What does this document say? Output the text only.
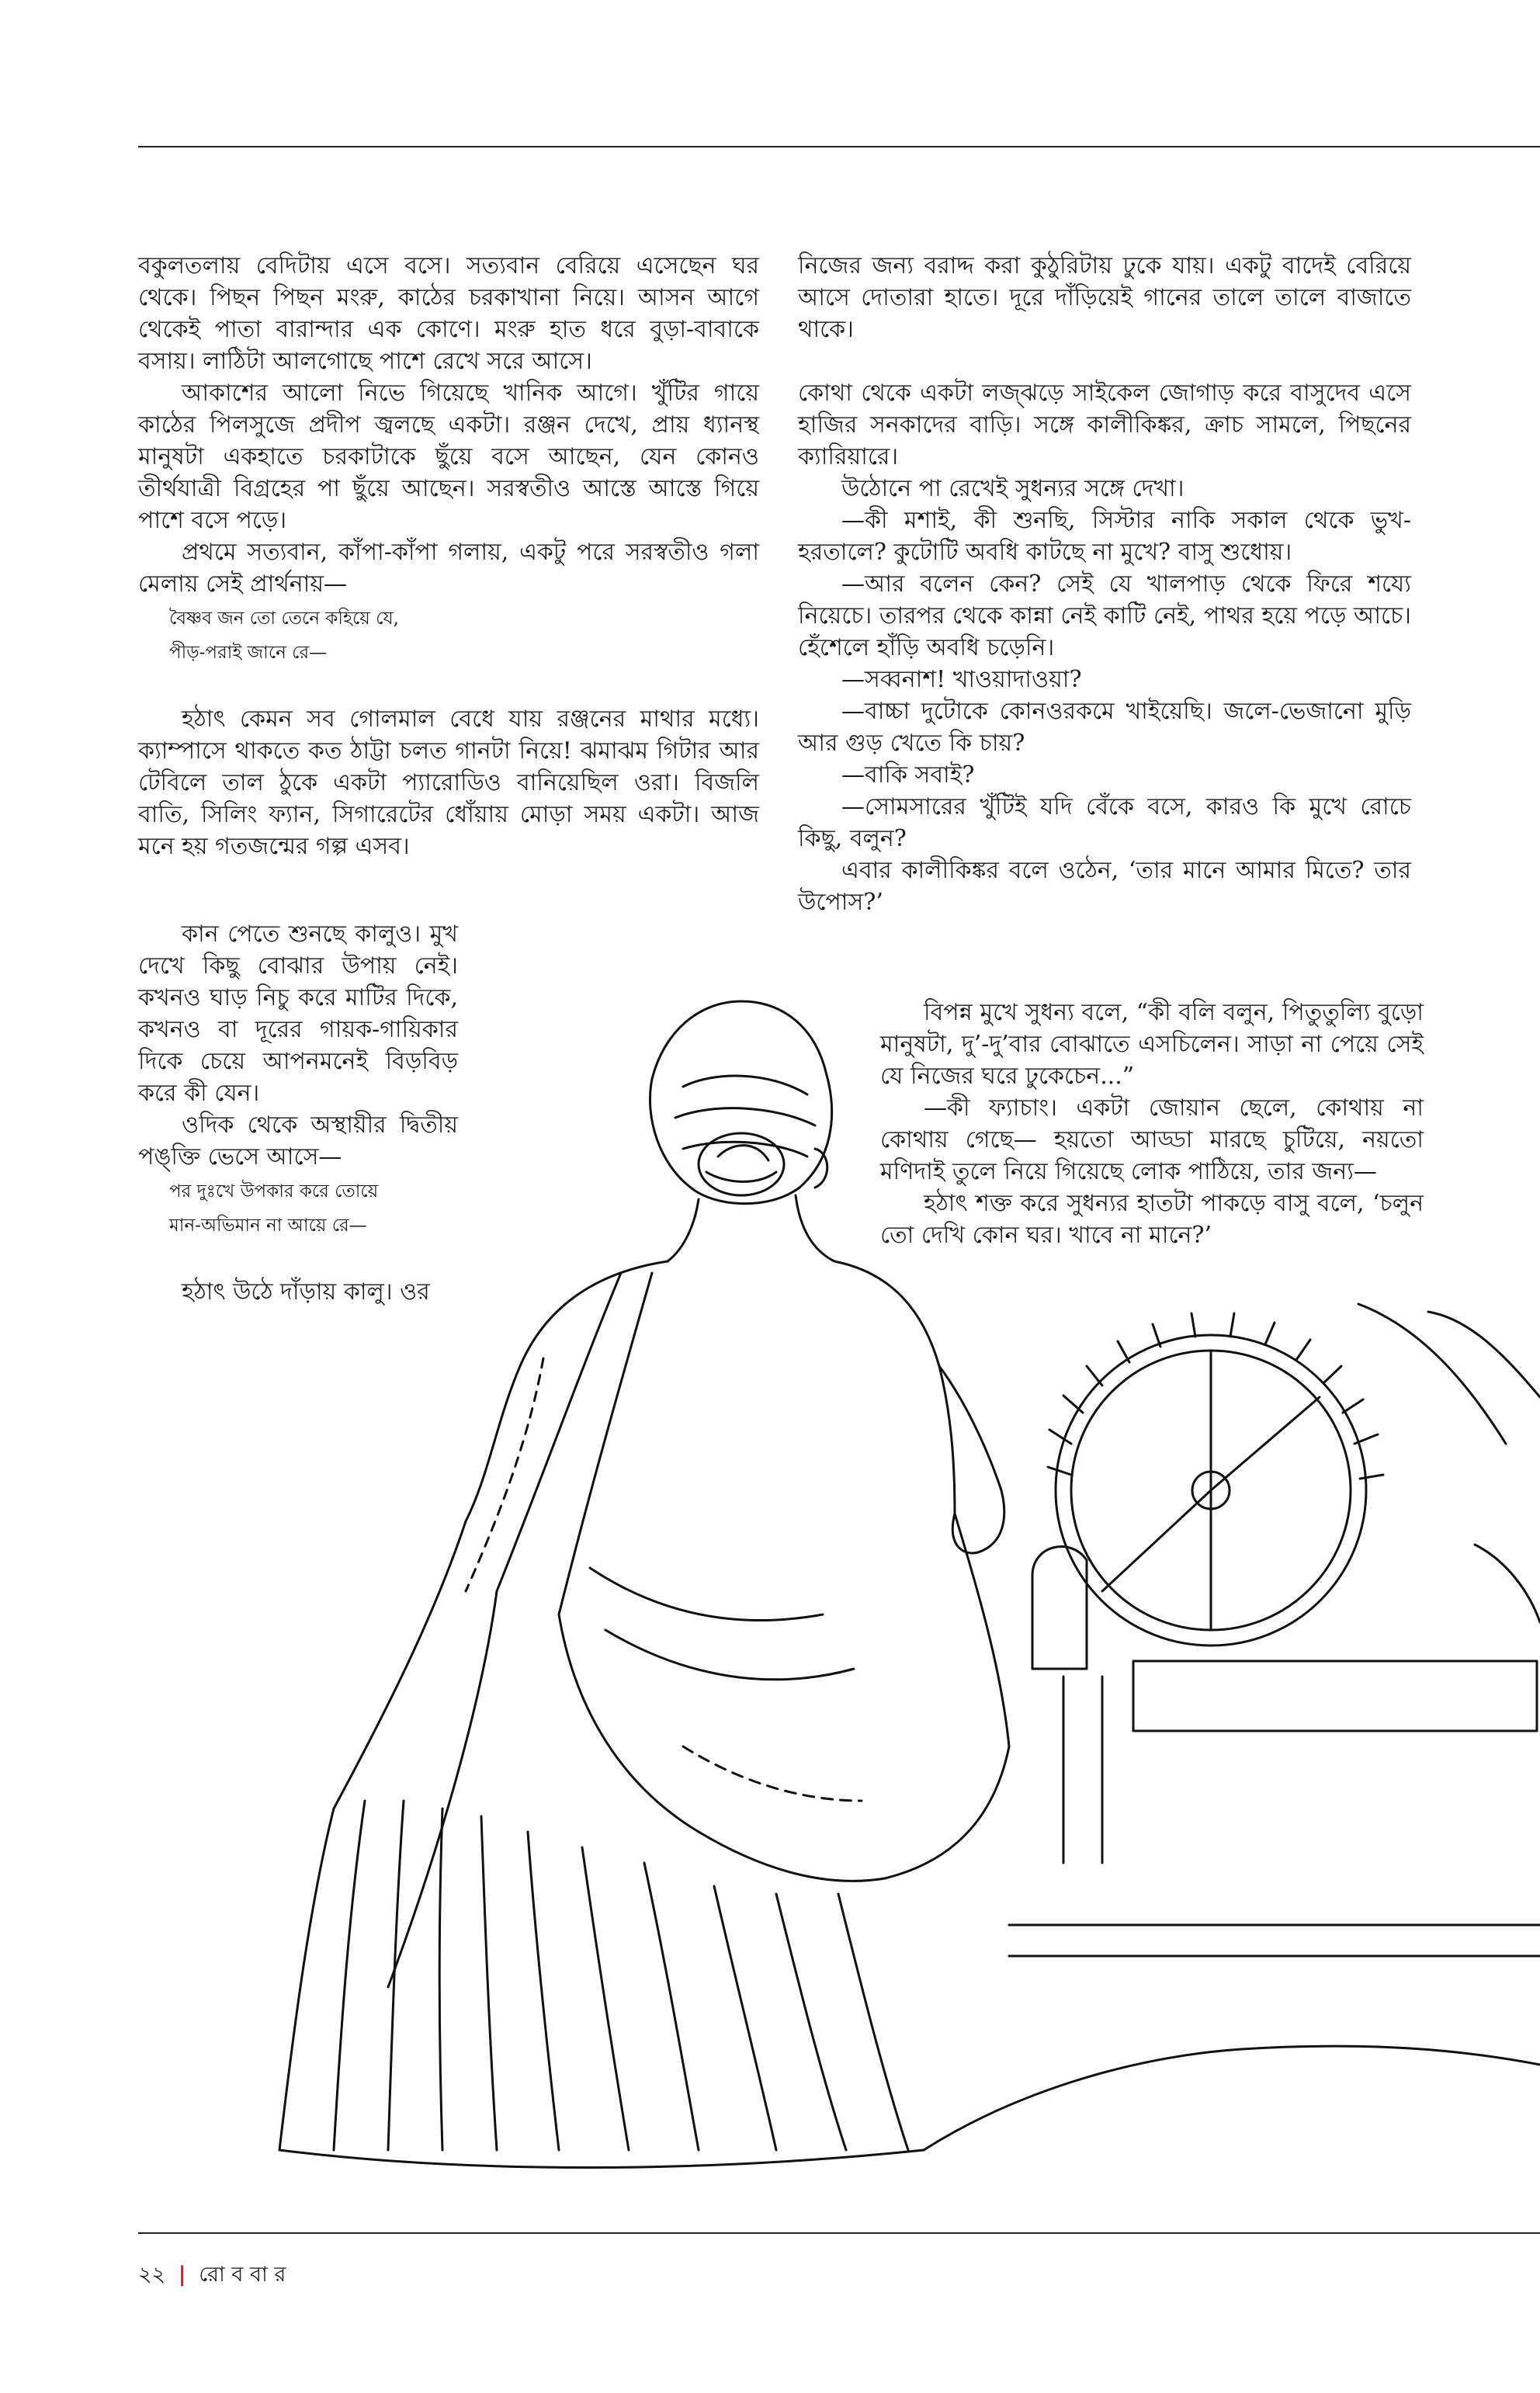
বকুলতলায় বেদিটায় এসে বসে। সত্যবান বেরিয়ে এসেছেন ঘর থেকে। পিছন পিছন মংরু, কাঠের চরকাখানা নিয়ে। আসন আগে থেকেই পাতা বারান্দার এক কোণে। মংরু হাত ধরে বুড়া-বাবাকে বসায়। লাঠিটা আলগোছে পাশে রেখে সরে আসে।

আকাশের আলো নিভে গিয়েছে খানিক আগে। খুঁটির গায়ে কাঠের পিলসুজে প্রদীপ জ্বলছে একটা। রঞ্জন দেখে, প্রায় ধ্যানস্থ মানুষটা একহাতে চরকাটাকে ছুঁয়ে বসে আছেন, যেন কোনও তীর্থযাত্রী বিগ্রহের পা ছুঁয়ে আছেন। সরস্বতীও আস্তে আস্তে গিয়ে পাশে বসে পড়ে।

প্রথমে সত্যবান, কাঁপা-কাঁপা গলায়, একটু পরে সরস্বতীও গলা মেলায় সেই প্রার্থনায়—

বৈষ্ণব জন তো তেনে কহিয়ে যে,
পীড়-পরাই জানে রে—

হঠাৎ কেমন সব গোলমাল বেধে যায় রঞ্জনের মাথার মধ্যে। ক্যাম্পাসে থাকতে কত ঠাট্টা চলত গানটা নিয়ে! ঝমাঝম গিটার আর টেবিলে তাল ঠুকে একটা প্যারোডিও বানিয়েছিল ওরা। বিজলি বাতি, সিলিং ফ্যান, সিগারেটের ধোঁয়ায় মোড়া সময় একটা। আজ মনে হয় গতজন্মের গল্প এসব।

কান পেতে শুনছে কালুও। মুখ দেখে কিছু বোঝার উপায় নেই। কখনও ঘাড় নিচু করে মাটির দিকে, কখনও বা দূরের গায়ক-গায়িকার দিকে চেয়ে আপনমনেই বিড়বিড় করে কী যেন।

ওদিক থেকে অস্থায়ীর দ্বিতীয় পঙ্‌ক্তি ভেসে আসে—

পর দুঃখে উপকার করে তোয়ে
মান-অভিমান না আয়ে রে—

হঠাৎ উঠে দাঁড়ায় কালু। ওর

নিজের জন্য বরাদ্দ করা কুঠুরিটায় ঢুকে যায়। একটু বাদেই বেরিয়ে আসে দোতারা হাতে। দূরে দাঁড়িয়েই গানের তালে তালে বাজাতে থাকে।

কোথা থেকে একটা লজ্‌ঝড়ে সাইকেল জোগাড় করে বাসুদেব এসে হাজির সনকাদের বাড়ি। সঙ্গে কালীকিঙ্কর, ক্রাচ সামলে, পিছনের ক্যারিয়ারে।

উঠোনে পা রেখেই সুধন্যর সঙ্গে দেখা।

—কী মশাই, কী শুনছি, সিস্টার নাকি সকাল থেকে ভুখ-হরতালে? কুটোটি অবধি কাটছে না মুখে? বাসু শুধোয়।

—আর বলেন কেন? সেই যে খালপাড় থেকে ফিরে শয্যে নিয়েচে। তারপর থেকে কান্না নেই কাটি নেই, পাথর হয়ে পড়ে আচে। হেঁশেলে হাঁড়ি অবধি চড়েনি।

—সব্বনাশ! খাওয়াদাওয়া?

—বাচ্চা দুটোকে কোনওরকমে খাইয়েছি। জলে-ভেজানো মুড়ি আর গুড় খেতে কি চায়?

—বাকি সবাই?

—সোমসারের খুঁটিই যদি বেঁকে বসে, কারও কি মুখে রোচে কিছু, বলুন?

এবার কালীকিঙ্কর বলে ওঠেন, ‘তার মানে আমার মিতে? তার উপোস?’

বিপন্ন মুখে সুধন্য বলে, “কী বলি বলুন, পিতুতুল্যি বুড়ো মানুষটা, দু’-দু’বার বোঝাতে এসচিলেন। সাড়া না পেয়ে সেই যে নিজের ঘরে ঢুকেচেন...”

—কী ফ্যাচাং। একটা জোয়ান ছেলে, কোথায় না কোথায় গেছে— হয়তো আড্ডা মারছে চুটিয়ে, নয়তো মণিদাই তুলে নিয়ে গিয়েছে লোক পাঠিয়ে, তার জন্য—

হঠাৎ শক্ত করে সুধন্যর হাতটা পাকড়ে বাসু বলে, ‘চলুন তো দেখি কোন ঘর। খাবে না মানে?’

২২ | রো ব বা র
